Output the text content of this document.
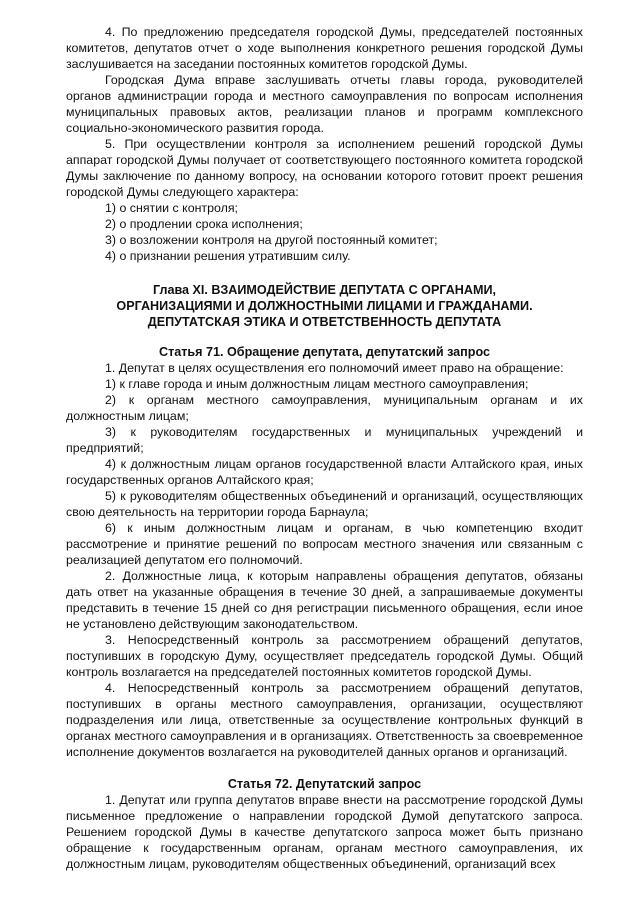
4. По предложению председателя городской Думы, председателей постоянных комитетов, депутатов отчет о ходе выполнения конкретного решения городской Думы заслушивается на заседании постоянных комитетов городской Думы.

Городская Дума вправе заслушивать отчеты главы города, руководителей органов администрации города и местного самоуправления по вопросам исполнения муниципальных правовых актов, реализации планов и программ комплексного социально-экономического развития города.

5. При осуществлении контроля за исполнением решений городской Думы аппарат городской Думы получает от соответствующего постоянного комитета городской Думы заключение по данному вопросу, на основании которого готовит проект решения городской Думы следующего характера:

1) о снятии с контроля;

2) о продлении срока исполнения;

3) о возложении контроля на другой постоянный комитет;

4) о признании решения утратившим силу.

Глава XI. ВЗАИМОДЕЙСТВИЕ ДЕПУТАТА С ОРГАНАМИ,
ОРГАНИЗАЦИЯМИ И ДОЛЖНОСТНЫМИ ЛИЦАМИ И ГРАЖДАНАМИ.
ДЕПУТАТСКАЯ ЭТИКА И ОТВЕТСТВЕННОСТЬ ДЕПУТАТА
Статья 71. Обращение депутата, депутатский запрос

1. Депутат в целях осуществления его полномочий имеет право на обращение:

1) к главе города и иным должностным лицам местного самоуправления;

2) к органам местного самоуправления, муниципальным органам и их должностным лицам;

3) к руководителям государственных и муниципальных учреждений и предприятий;

4) к должностным лицам органов государственной власти Алтайского края, иных государственных органов Алтайского края;

5) к руководителям общественных объединений и организаций, осуществляющих свою деятельность на территории города Барнаула;

6) к иным должностным лицам и органам, в чью компетенцию входит рассмотрение и принятие решений по вопросам местного значения или связанным с реализацией депутатом его полномочий.

2. Должностные лица, к которым направлены обращения депутатов, обязаны дать ответ на указанные обращения в течение 30 дней, а запрашиваемые документы представить в течение 15 дней со дня регистрации письменного обращения, если иное не установлено действующим законодательством.

3. Непосредственный контроль за рассмотрением обращений депутатов, поступивших в городскую Думу, осуществляет председатель городской Думы. Общий контроль возлагается на председателей постоянных комитетов городской Думы.

4. Непосредственный контроль за рассмотрением обращений депутатов, поступивших в органы местного самоуправления, организации, осуществляют подразделения или лица, ответственные за осуществление контрольных функций в органах местного самоуправления и в организациях. Ответственность за своевременное исполнение документов возлагается на руководителей данных органов и организаций.

Статья 72. Депутатский запрос

1. Депутат или группа депутатов вправе внести на рассмотрение городской Думы письменное предложение о направлении городской Думой депутатского запроса. Решением городской Думы в качестве депутатского запроса может быть признано обращение к государственным органам, органам местного самоуправления, их должностным лицам, руководителям общественных объединений, организаций всех
